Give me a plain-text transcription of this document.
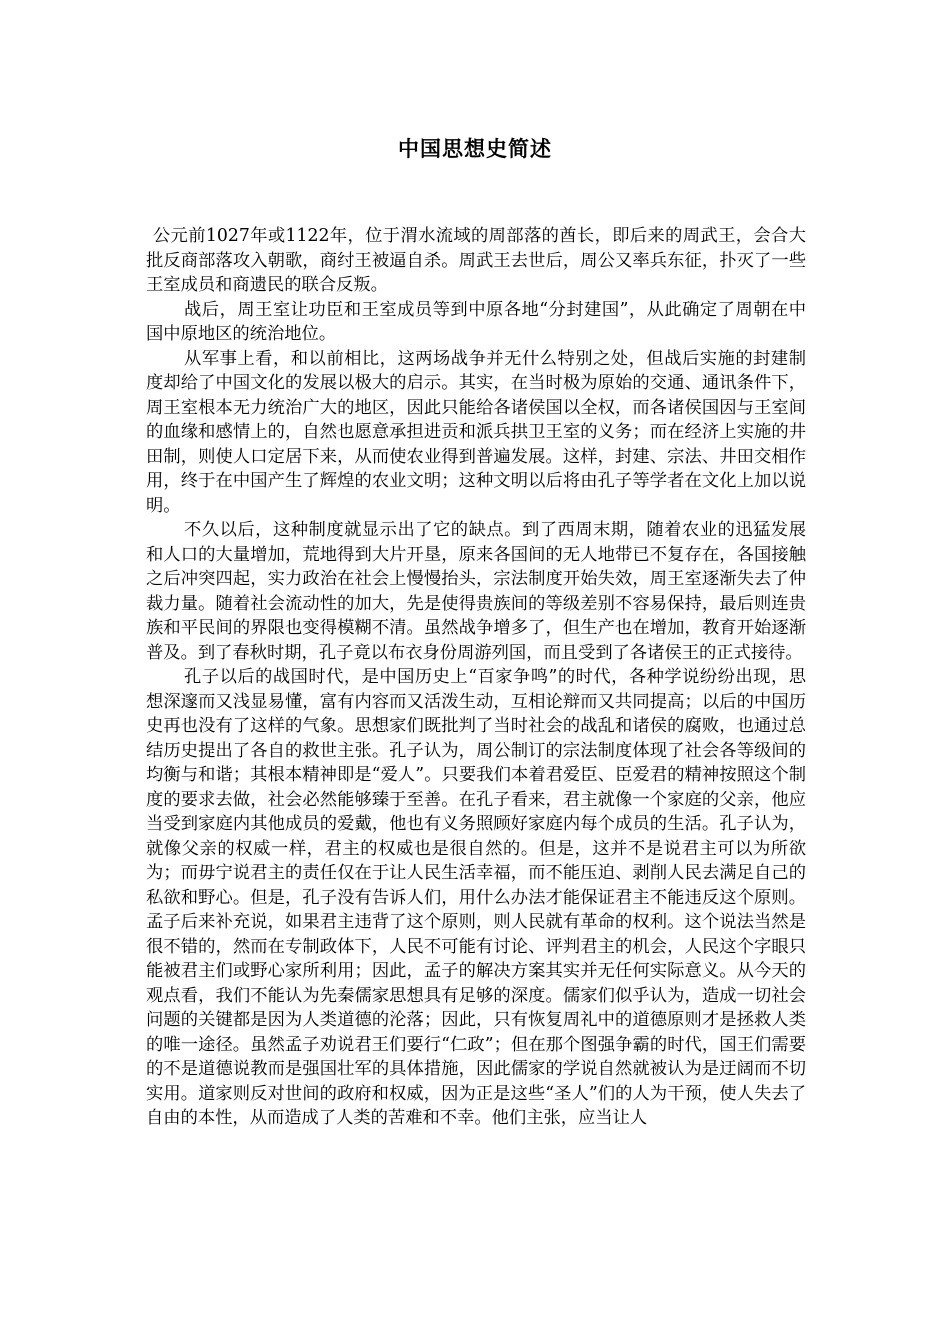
中国思想史简述

公元前1027年或1122年，位于渭水流域的周部落的酋长，即后来的周武王，会合大批反商部落攻入朝歌，商纣王被逼自杀。周武王去世后，周公又率兵东征，扑灭了一些王室成员和商遗民的联合反叛。

战后，周王室让功臣和王室成员等到中原各地“分封建国”，从此确定了周朝在中国中原地区的统治地位。

从军事上看，和以前相比，这两场战争并无什么特别之处，但战后实施的封建制度却给了中国文化的发展以极大的启示。其实，在当时极为原始的交通、通讯条件下，周王室根本无力统治广大的地区，因此只能给各诸侯国以全权，而各诸侯国因与王室间的血缘和感情上的，自然也愿意承担进贡和派兵拱卫王室的义务；而在经济上实施的井田制，则使人口定居下来，从而使农业得到普遍发展。这样，封建、宗法、井田交相作用，终于在中国产生了辉煌的农业文明；这种文明以后将由孔子等学者在文化上加以说明。

不久以后，这种制度就显示出了它的缺点。到了西周末期，随着农业的迅猛发展和人口的大量增加，荒地得到大片开垦，原来各国间的无人地带已不复存在，各国接触之后冲突四起，实力政治在社会上慢慢抬头，宗法制度开始失效，周王室逐渐失去了仲裁力量。随着社会流动性的加大，先是使得贵族间的等级差别不容易保持，最后则连贵族和平民间的界限也变得模糊不清。虽然战争增多了，但生产也在增加，教育开始逐渐普及。到了春秋时期，孔子竟以布衣身份周游列国，而且受到了各诸侯王的正式接待。

孔子以后的战国时代，是中国历史上“百家争鸣”的时代，各种学说纷纷出现，思想深邃而又浅显易懂，富有内容而又活泼生动，互相论辩而又共同提高；以后的中国历史再也没有了这样的气象。思想家们既批判了当时社会的战乱和诸侯的腐败，也通过总结历史提出了各自的救世主张。孔子认为，周公制订的宗法制度体现了社会各等级间的均衡与和谐；其根本精神即是“爱人”。只要我们本着君爱臣、臣爱君的精神按照这个制度的要求去做，社会必然能够臻于至善。在孔子看来，君主就像一个家庭的父亲，他应当受到家庭内其他成员的爱戴，他也有义务照顾好家庭内每个成员的生活。孔子认为，就像父亲的权威一样，君主的权威也是很自然的。但是，这并不是说君主可以为所欲为；而毋宁说君主的责任仅在于让人民生活幸福，而不能压迫、剥削人民去满足自己的私欲和野心。但是，孔子没有告诉人们，用什么办法才能保证君主不能违反这个原则。孟子后来补充说，如果君主违背了这个原则，则人民就有革命的权利。这个说法当然是很不错的，然而在专制政体下，人民不可能有讨论、评判君主的机会，人民这个字眼只能被君主们或野心家所利用；因此，孟子的解决方案其实并无任何实际意义。从今天的观点看，我们不能认为先秦儒家思想具有足够的深度。儒家们似乎认为，造成一切社会问题的关键都是因为人类道德的沦落；因此，只有恢复周礼中的道德原则才是拯救人类的唯一途径。虽然孟子劝说君王们要行“仁政”；但在那个图强争霸的时代，国王们需要的不是道德说教而是强国壮军的具体措施，因此儒家的学说自然就被认为是迂阔而不切实用。道家则反对世间的政府和权威，因为正是这些“圣人”们的人为干预，使人失去了自由的本性，从而造成了人类的苦难和不幸。他们主张，应当让人
